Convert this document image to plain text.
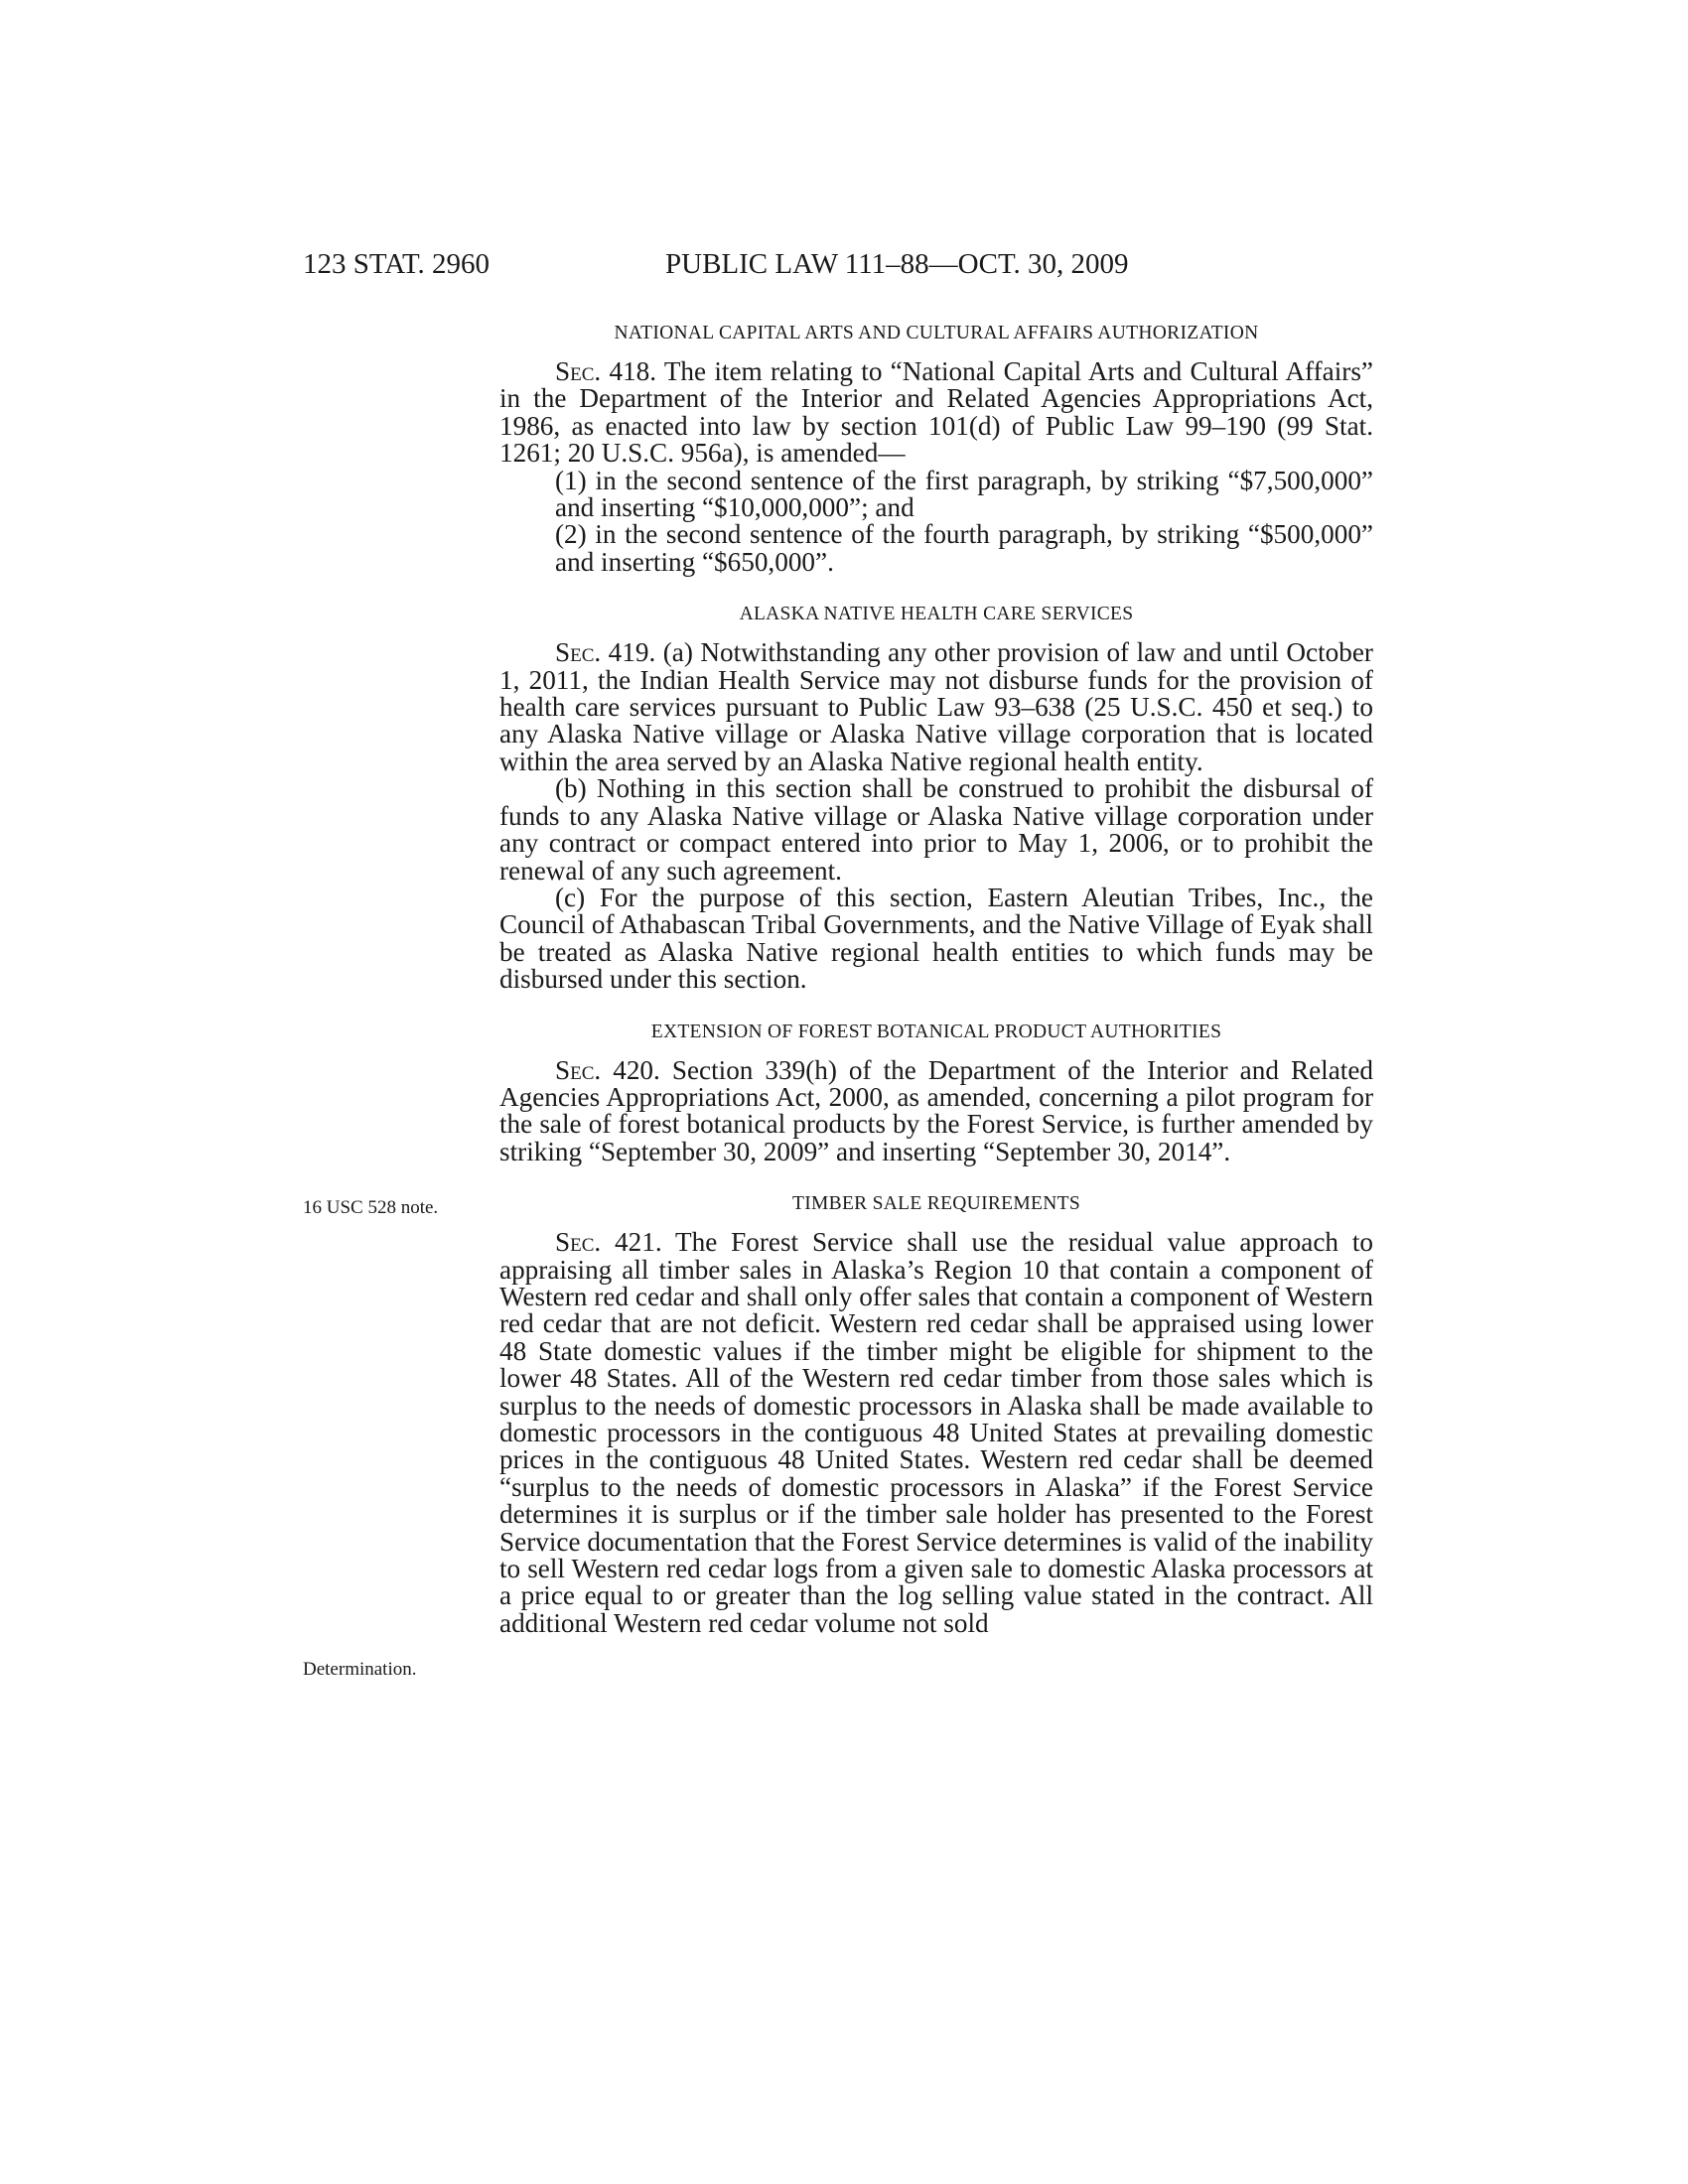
123 STAT. 2960	PUBLIC LAW 111–88—OCT. 30, 2009
16 USC 528 note.
Determination.
NATIONAL CAPITAL ARTS AND CULTURAL AFFAIRS AUTHORIZATION

Sec. 418. The item relating to “National Capital Arts and Cultural Affairs” in the Department of the Interior and Related Agencies Appropriations Act, 1986, as enacted into law by section 101(d) of Public Law 99–190 (99 Stat. 1261; 20 U.S.C. 956a), is amended—

(1) in the second sentence of the first paragraph, by striking “$7,500,000” and inserting “$10,000,000”; and

(2) in the second sentence of the fourth paragraph, by striking “$500,000” and inserting “$650,000”.

ALASKA NATIVE HEALTH CARE SERVICES

Sec. 419. (a) Notwithstanding any other provision of law and until October 1, 2011, the Indian Health Service may not disburse funds for the provision of health care services pursuant to Public Law 93–638 (25 U.S.C. 450 et seq.) to any Alaska Native village or Alaska Native village corporation that is located within the area served by an Alaska Native regional health entity.

(b) Nothing in this section shall be construed to prohibit the disbursal of funds to any Alaska Native village or Alaska Native village corporation under any contract or compact entered into prior to May 1, 2006, or to prohibit the renewal of any such agreement.

(c) For the purpose of this section, Eastern Aleutian Tribes, Inc., the Council of Athabascan Tribal Governments, and the Native Village of Eyak shall be treated as Alaska Native regional health entities to which funds may be disbursed under this section.

EXTENSION OF FOREST BOTANICAL PRODUCT AUTHORITIES

Sec. 420. Section 339(h) of the Department of the Interior and Related Agencies Appropriations Act, 2000, as amended, concerning a pilot program for the sale of forest botanical products by the Forest Service, is further amended by striking “September 30, 2009” and inserting “September 30, 2014”.

TIMBER SALE REQUIREMENTS

Sec. 421. The Forest Service shall use the residual value approach to appraising all timber sales in Alaska’s Region 10 that contain a component of Western red cedar and shall only offer sales that contain a component of Western red cedar that are not deficit. Western red cedar shall be appraised using lower 48 State domestic values if the timber might be eligible for shipment to the lower 48 States. All of the Western red cedar timber from those sales which is surplus to the needs of domestic processors in Alaska shall be made available to domestic processors in the contiguous 48 United States at prevailing domestic prices in the contiguous 48 United States. Western red cedar shall be deemed “surplus to the needs of domestic processors in Alaska” if the Forest Service determines it is surplus or if the timber sale holder has presented to the Forest Service documentation that the Forest Service determines is valid of the inability to sell Western red cedar logs from a given sale to domestic Alaska processors at a price equal to or greater than the log selling value stated in the contract. All additional Western red cedar volume not sold
